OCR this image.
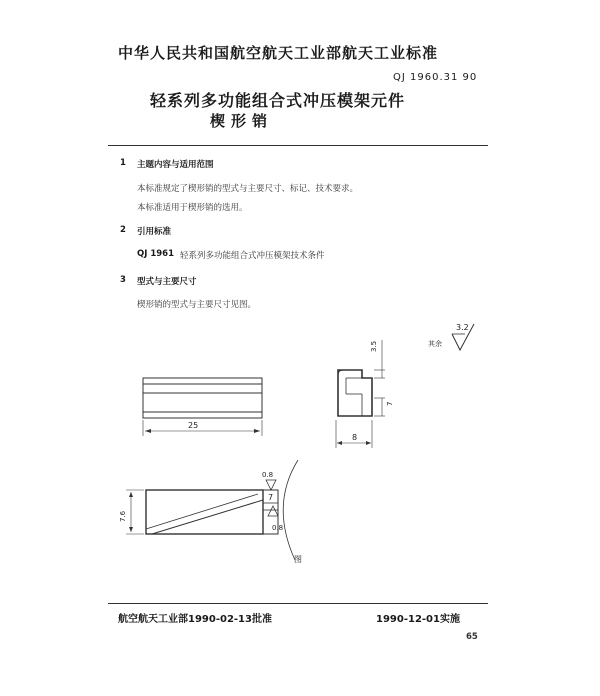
中华人民共和国航空航天工业部航天工业标准
QJ 1960.31 90
轻系列多功能组合式冲压模架元件
楔形销
1 主题内容与适用范围
本标准规定了楔形销的型式与主要尺寸、标记、技术要求。
本标准适用于楔形销的选用。
2 引用标准
QJ 1961 轻系列多功能组合式冲压模架技术条件
3 型式与主要尺寸
楔形销的型式与主要尺寸见图。
25
8
3.5
7
其余
3.2
7.6
7
0.8
0.8
图
航空航天工业部1990-02-13批准	1990-12-01实施
65
